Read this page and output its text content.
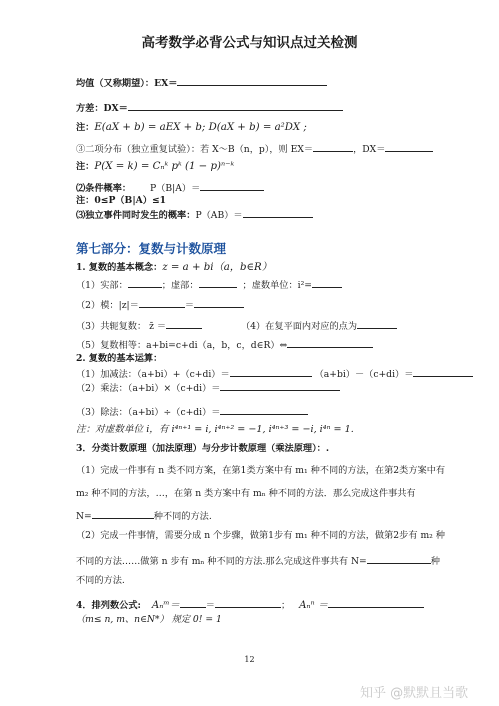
高考数学必背公式与知识点过关检测
均值（又称期望）：EX＝
方差：DX＝
注：E(aX + b) = aEX + b; D(aX + b) = a²DX ;
③二项分布（独立重复试验）：若 X～B（n，p），则 EX＝	，DX＝
注：P(X = k) = Cₙᵏ pᵏ (1 − p)ⁿ⁻ᵏ
⑵条件概率： P（B|A）＝
注：0≤P（B|A）≤1
⑶独立事件同时发生的概率：P（AB）＝
第七部分：复数与计数原理
1. 复数的基本概念：z = a + bi（a，b∈R）
（1）实部：	；虚部：	；虚数单位：i²=
（2）模：|z|＝	＝
（3）共轭复数： z̄ ＝	（4）在复平面内对应的点为
（5）复数相等：a+bi=c+di（a，b，c，d∈R）⇔
2. 复数的基本运算：
（1）加减法：（a+bi）+（c+di）＝	（a+bi）－（c+di）＝
（2）乘法：（a+bi）×（c+di）＝
（3）除法：（a+bi）÷（c+di）＝
注：对虚数单位 i，有 i⁴ⁿ⁺¹ = i, i⁴ⁿ⁺² = −1, i⁴ⁿ⁺³ = −i, i⁴ⁿ = 1.
3．分类计数原理（加法原理）与分步计数原理（乘法原理）：.
（1）完成一件事有 n 类不同方案，在第1类方案中有 m₁ 种不同的方法，在第2类方案中有
m₂ 种不同的方法，…，在第 n 类方案中有 mₙ 种不同的方法．那么完成这件事共有
N=	种不同的方法.
（2）完成一件事情，需要分成 n 个步骤，做第1步有 m₁ 种不同的方法，做第2步有 m₂ 种
不同的方法……做第 n 步有 mₙ 种不同的方法.那么完成这件事共有 N=	种
不同的方法.
4．排列数公式: Aₙᵐ＝	＝	； Aₙⁿ ＝
（m≤ n, m、n∈N*） 规定 0! = 1
12
知乎 @默默且当歌
